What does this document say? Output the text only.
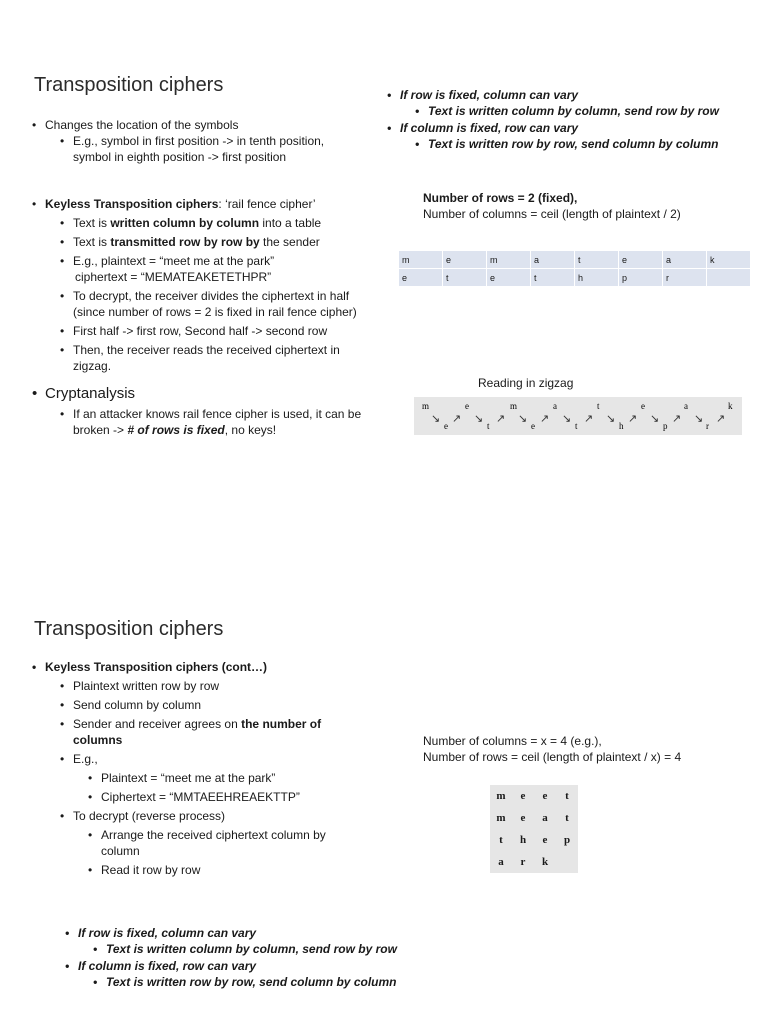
Transposition ciphers
• Changes the location of the symbols
• E.g., symbol in first position -> in tenth position,
symbol in eighth position -> first position
• Keyless Transposition ciphers: ‘rail fence cipher’
• Text is written column by column into a table
• Text is transmitted row by row by the sender
• E.g., plaintext = “meet me at the park”
ciphertext = “MEMATEAKETETHPR”
• To decrypt, the receiver divides the ciphertext in half
(since number of rows = 2 is fixed in rail fence cipher)
• First half -> first row, Second half -> second row
• Then, the receiver reads the received ciphertext in
zigzag.
• Cryptanalysis
• If an attacker knows rail fence cipher is used, it can be
broken -> # of rows is fixed, no keys!
• If row is fixed, column can vary
• Text is written column by column, send row by row
• If column is fixed, row can vary
• Text is written row by row, send column by column
Number of rows = 2 (fixed),
Number of columns = ceil (length of plaintext / 2)
m	e	m	a	t	e	a	k
e	t	e	t	h	p	r	
Reading in zigzag
m	e	m	a	t	e	a	k
e	t	e	t	h	p	r
↘ ↗ ↘ ↗ ↘ ↗ ↘ ↗ ↘ ↗ ↘ ↗ ↘ ↗
Transposition ciphers
• Keyless Transposition ciphers (cont…)
• Plaintext written row by row
• Send column by column
• Sender and receiver agrees on the number of
columns
• E.g.,
• Plaintext = “meet me at the park”
• Ciphertext = “MMTAEEHREAEKTTP”
• To decrypt (reverse process)
• Arrange the received ciphertext column by
column
• Read it row by row
Number of columns = x = 4 (e.g.),
Number of rows = ceil (length of plaintext / x) = 4
m	e	e	t
m	e	a	t
t	h	e	p
a	r	k	
• If row is fixed, column can vary
• Text is written column by column, send row by row
• If column is fixed, row can vary
• Text is written row by row, send column by column
